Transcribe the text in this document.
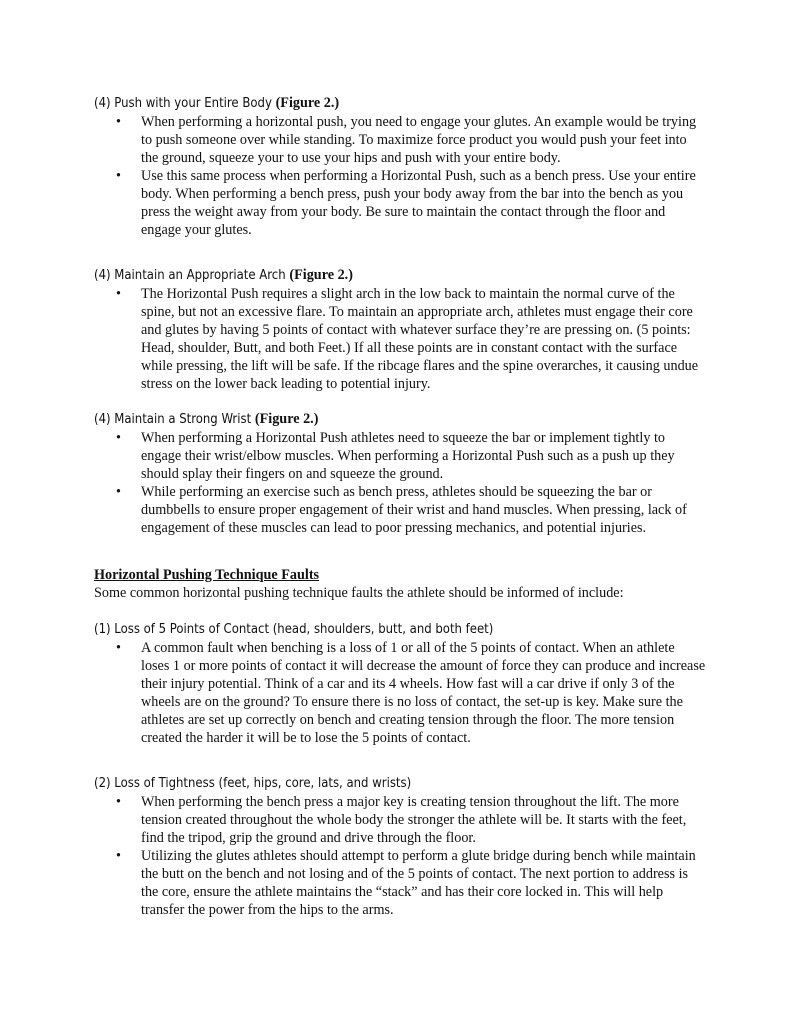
(4) Push with your Entire Body (Figure 2.)

• When performing a horizontal push, you need to engage your glutes. An example would be trying to push someone over while standing. To maximize force product you would push your feet into the ground, squeeze your to use your hips and push with your entire body.
• Use this same process when performing a Horizontal Push, such as a bench press. Use your entire body. When performing a bench press, push your body away from the bar into the bench as you press the weight away from your body. Be sure to maintain the contact through the floor and engage your glutes.

(4) Maintain an Appropriate Arch (Figure 2.)

• The Horizontal Push requires a slight arch in the low back to maintain the normal curve of the spine, but not an excessive flare. To maintain an appropriate arch, athletes must engage their core and glutes by having 5 points of contact with whatever surface they’re are pressing on. (5 points: Head, shoulder, Butt, and both Feet.) If all these points are in constant contact with the surface while pressing, the lift will be safe. If the ribcage flares and the spine overarches, it causing undue stress on the lower back leading to potential injury.

(4) Maintain a Strong Wrist (Figure 2.)

• When performing a Horizontal Push athletes need to squeeze the bar or implement tightly to engage their wrist/elbow muscles. When performing a Horizontal Push such as a push up they should splay their fingers on and squeeze the ground.
• While performing an exercise such as bench press, athletes should be squeezing the bar or dumbbells to ensure proper engagement of their wrist and hand muscles. When pressing, lack of engagement of these muscles can lead to poor pressing mechanics, and potential injuries.

Horizontal Pushing Technique Faults

Some common horizontal pushing technique faults the athlete should be informed of include:

(1) Loss of 5 Points of Contact (head, shoulders, butt, and both feet)

• A common fault when benching is a loss of 1 or all of the 5 points of contact. When an athlete loses 1 or more points of contact it will decrease the amount of force they can produce and increase their injury potential. Think of a car and its 4 wheels. How fast will a car drive if only 3 of the wheels are on the ground? To ensure there is no loss of contact, the set-up is key. Make sure the athletes are set up correctly on bench and creating tension through the floor. The more tension created the harder it will be to lose the 5 points of contact.

(2) Loss of Tightness (feet, hips, core, lats, and wrists)

• When performing the bench press a major key is creating tension throughout the lift. The more tension created throughout the whole body the stronger the athlete will be. It starts with the feet, find the tripod, grip the ground and drive through the floor.
• Utilizing the glutes athletes should attempt to perform a glute bridge during bench while maintain the butt on the bench and not losing and of the 5 points of contact. The next portion to address is the core, ensure the athlete maintains the “stack” and has their core locked in. This will help transfer the power from the hips to the arms.
